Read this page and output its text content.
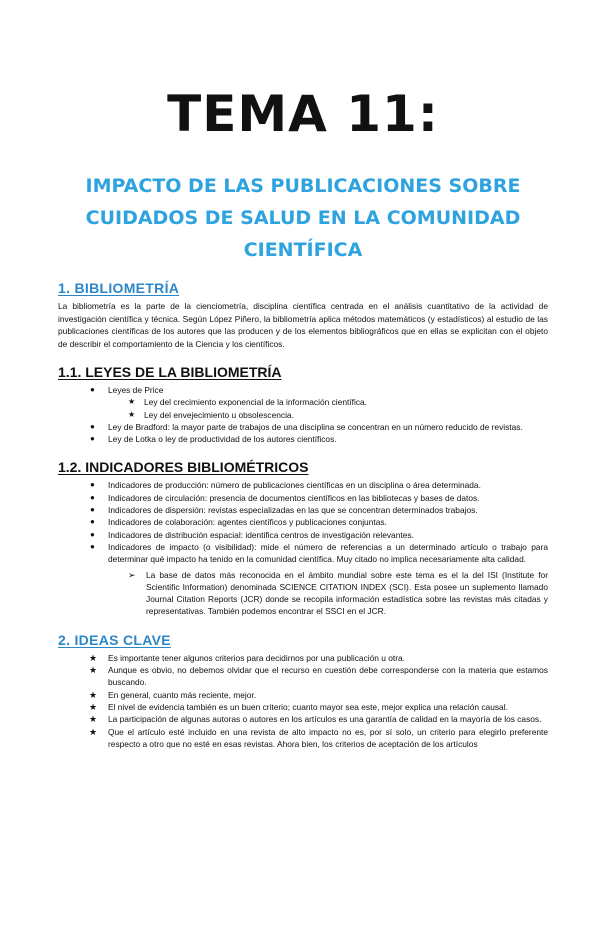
TEMA 11:
IMPACTO DE LAS PUBLICACIONES SOBRE
CUIDADOS DE SALUD EN LA COMUNIDAD
CIENTÍFICA
1. BIBLIOMETRÍA

La bibliometría es la parte de la cienciometría, disciplina científica centrada en el análisis cuantitativo de la actividad de investigación científica y técnica. Según López Piñero, la bibliometría aplica métodos matemáticos (y estadísticos) al estudio de las publicaciones científicas de los autores que las producen y de los elementos bibliográficos que en ellas se explicitan con el objeto de describir el comportamiento de la Ciencia y los científicos.

1.1. LEYES DE LA BIBLIOMETRÍA
● Leyes de Price
★ Ley del crecimiento exponencial de la información científica.
★ Ley del envejecimiento u obsolescencia.
● Ley de Bradford: la mayor parte de trabajos de una disciplina se concentran en un número reducido de revistas.
● Ley de Lotka o ley de productividad de los autores científicos.
1.2. INDICADORES BIBLIOMÉTRICOS
● Indicadores de producción: número de publicaciones científicas en un disciplina o área determinada.
● Indicadores de circulación: presencia de documentos científicos en las bibliotecas y bases de datos.
● Indicadores de dispersión: revistas especializadas en las que se concentran determinados trabajos.
● Indicadores de colaboración: agentes científicos y publicaciones conjuntas.
● Indicadores de distribución espacial: identifica centros de investigación relevantes.
● Indicadores de impacto (o visibilidad): mide el número de referencias a un determinado artículo o trabajo para determinar qué impacto ha tenido en la comunidad científica. Muy citado no implica necesariamente alta calidad.
➢ La base de datos más reconocida en el ámbito mundial sobre este tema es el la del ISI (Institute for Scientific Information) denominada SCIENCE CITATION INDEX (SCI). Esta posee un suplemento llamado Journal Citation Reports (JCR) donde se recopila información estadística sobre las revistas más citadas y representativas. También podemos encontrar el SSCI en el JCR.
2. IDEAS CLAVE
★ Es importante tener algunos criterios para decidirnos por una publicación u otra.
★ Aunque es obvio, no debemos olvidar que el recurso en cuestión debe corresponderse con la materia que estamos buscando.
★ En general, cuanto más reciente, mejor.
★ El nivel de evidencia también es un buen criterio; cuanto mayor sea este, mejor explica una relación causal.
★ La participación de algunas autoras o autores en los artículos es una garantía de calidad en la mayoría de los casos.
★ Que el artículo esté incluido en una revista de alto impacto no es, por sí solo, un criterio para elegirlo preferente respecto a otro que no esté en esas revistas. Ahora bien, los criterios de aceptación de los artículos
